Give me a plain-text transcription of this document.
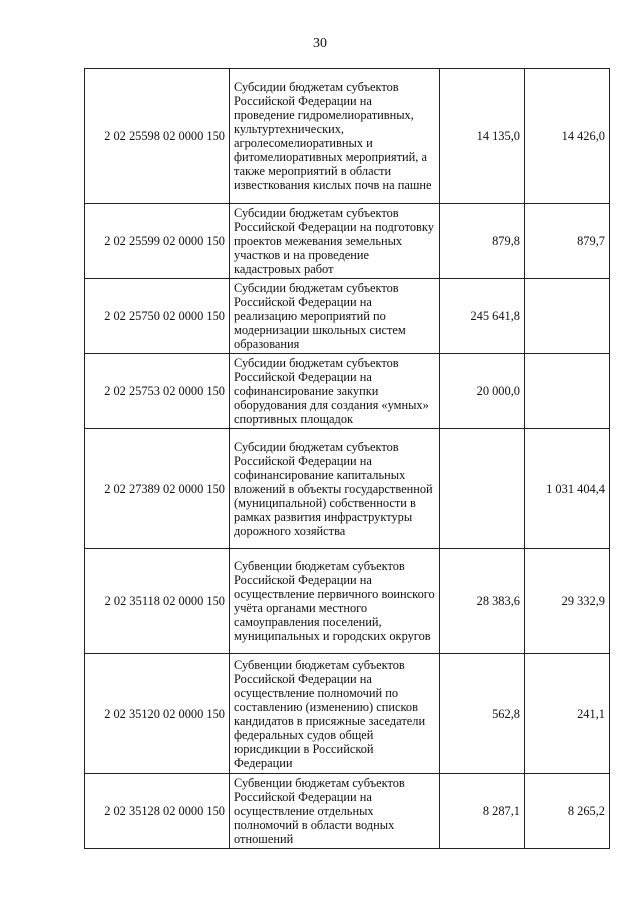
30
2 02 25598 02 0000 150	Субсидии бюджетам субъектов Российской Федерации на проведение гидромелиоративных, культуртехнических, агролесомелиоративных и фитомелиоративных мероприятий, а также мероприятий в области известкования кислых почв на пашне	14 135,0	14 426,0
2 02 25599 02 0000 150	Субсидии бюджетам субъектов Российской Федерации на подготовку проектов межевания земельных участков и на проведение кадастровых работ	879,8	879,7
2 02 25750 02 0000 150	Субсидии бюджетам субъектов Российской Федерации на реализацию мероприятий по модернизации школьных систем образования	245 641,8	
2 02 25753 02 0000 150	Субсидии бюджетам субъектов Российской Федерации на софинансирование закупки оборудования для создания «умных» спортивных площадок	20 000,0	
2 02 27389 02 0000 150	Субсидии бюджетам субъектов Российской Федерации на софинансирование капитальных вложений в объекты государственной (муниципальной) собственности в рамках развития инфраструктуры дорожного хозяйства		1 031 404,4
2 02 35118 02 0000 150	Субвенции бюджетам субъектов Российской Федерации на осуществление первичного воинского учёта органами местного самоуправления поселений, муниципальных и городских округов	28 383,6	29 332,9
2 02 35120 02 0000 150	Субвенции бюджетам субъектов Российской Федерации на осуществление полномочий по составлению (изменению) списков кандидатов в присяжные заседатели федеральных судов общей юрисдикции в Российской Федерации	562,8	241,1
2 02 35128 02 0000 150	Субвенции бюджетам субъектов Российской Федерации на осуществление отдельных полномочий в области водных отношений	8 287,1	8 265,2
